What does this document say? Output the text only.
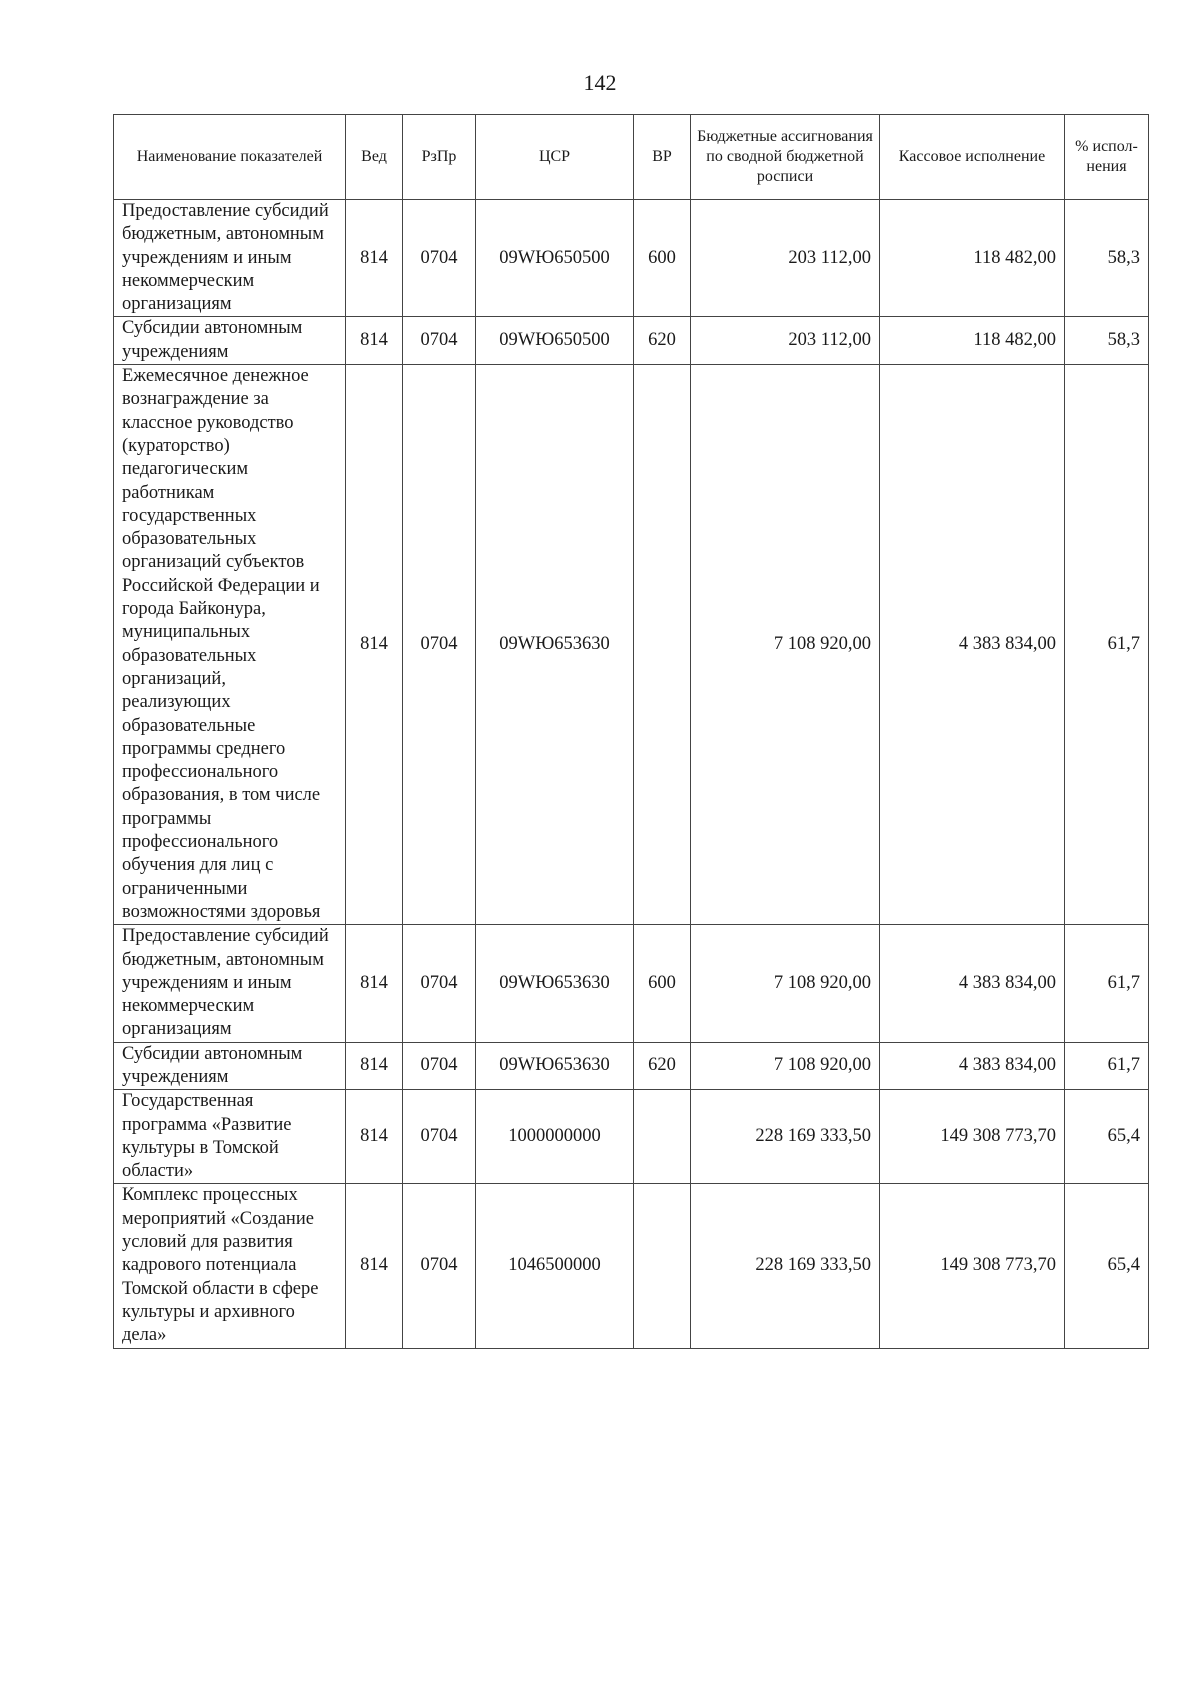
142
Наименование показателей	Вед	РзПр	ЦСР	ВР	Бюджетные ассигнования по сводной бюджетной росписи	Кассовое исполнение	% испол-нения
Предоставление субсидий бюджетным, автономным учреждениям и иным некоммерческим организациям	814	0704	09WЮ650500	600	203 112,00	118 482,00	58,3
Субсидии автономным учреждениям	814	0704	09WЮ650500	620	203 112,00	118 482,00	58,3
Ежемесячное денежное вознаграждение за классное руководство (кураторство) педагогическим работникам государственных образовательных организаций субъектов Российской Федерации и города Байконура, муниципальных образовательных организаций, реализующих образовательные программы среднего профессионального образования, в том числе программы профессионального обучения для лиц с ограниченными возможностями здоровья	814	0704	09WЮ653630		7 108 920,00	4 383 834,00	61,7
Предоставление субсидий бюджетным, автономным учреждениям и иным некоммерческим организациям	814	0704	09WЮ653630	600	7 108 920,00	4 383 834,00	61,7
Субсидии автономным учреждениям	814	0704	09WЮ653630	620	7 108 920,00	4 383 834,00	61,7
Государственная программа «Развитие культуры в Томской области»	814	0704	1000000000		228 169 333,50	149 308 773,70	65,4
Комплекс процессных мероприятий «Создание условий для развития кадрового потенциала Томской области в сфере культуры и архивного дела»	814	0704	1046500000		228 169 333,50	149 308 773,70	65,4
